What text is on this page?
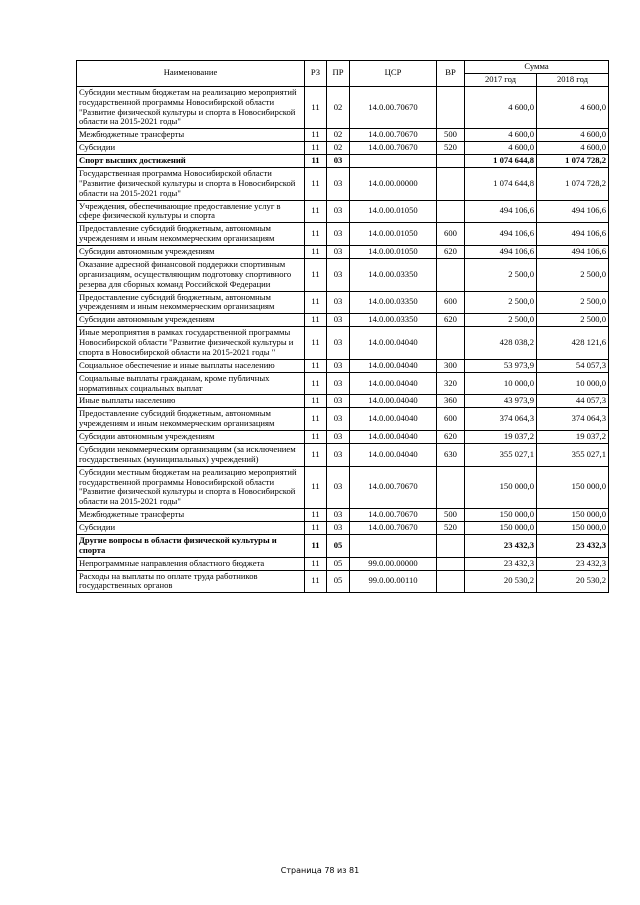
Наименование	РЗ	ПР	ЦСР	ВР	Сумма	
					2017 год	2018 год
Субсидии местным бюджетам на реализацию мероприятий государственной программы Новосибирской области "Развитие физической культуры и спорта в Новосибирской области на 2015-2021 годы"	11	02	14.0.00.70670		4 600,0	4 600,0
Межбюджетные трансферты	11	02	14.0.00.70670	500	4 600,0	4 600,0
Субсидии	11	02	14.0.00.70670	520	4 600,0	4 600,0
Спорт высших достижений	11	03			1 074 644,8	1 074 728,2
Государственная программа Новосибирской области "Развитие физической культуры и спорта в Новосибирской области на 2015-2021 годы"	11	03	14.0.00.00000		1 074 644,8	1 074 728,2
Учреждения, обеспечивающие предоставление услуг в сфере физической культуры и спорта	11	03	14.0.00.01050		494 106,6	494 106,6
Предоставление субсидий бюджетным, автономным учреждениям и иным некоммерческим организациям	11	03	14.0.00.01050	600	494 106,6	494 106,6
Субсидии автономным учреждениям	11	03	14.0.00.01050	620	494 106,6	494 106,6
Оказание адресной финансовой поддержки спортивным организациям, осуществляющим подготовку спортивного резерва для сборных команд Российской Федерации	11	03	14.0.00.03350		2 500,0	2 500,0
Предоставление субсидий бюджетным, автономным учреждениям и иным некоммерческим организациям	11	03	14.0.00.03350	600	2 500,0	2 500,0
Субсидии автономным учреждениям	11	03	14.0.00.03350	620	2 500,0	2 500,0
Иные мероприятия в рамках государственной программы Новосибирской области "Развитие физической культуры и спорта в Новосибирской области на 2015-2021 годы "	11	03	14.0.00.04040		428 038,2	428 121,6
Социальное обеспечение и иные выплаты населению	11	03	14.0.00.04040	300	53 973,9	54 057,3
Социальные выплаты гражданам, кроме публичных нормативных социальных выплат	11	03	14.0.00.04040	320	10 000,0	10 000,0
Иные выплаты населению	11	03	14.0.00.04040	360	43 973,9	44 057,3
Предоставление субсидий бюджетным, автономным учреждениям и иным некоммерческим организациям	11	03	14.0.00.04040	600	374 064,3	374 064,3
Субсидии автономным учреждениям	11	03	14.0.00.04040	620	19 037,2	19 037,2
Субсидии некоммерческим организациям (за исключением государственных (муниципальных) учреждений)	11	03	14.0.00.04040	630	355 027,1	355 027,1
Субсидии местным бюджетам на реализацию мероприятий государственной программы Новосибирской области "Развитие физической культуры и спорта в Новосибирской области на 2015-2021 годы"	11	03	14.0.00.70670		150 000,0	150 000,0
Межбюджетные трансферты	11	03	14.0.00.70670	500	150 000,0	150 000,0
Субсидии	11	03	14.0.00.70670	520	150 000,0	150 000,0
Другие вопросы в области физической культуры и спорта	11	05			23 432,3	23 432,3
Непрограммные направления областного бюджета	11	05	99.0.00.00000		23 432,3	23 432,3
Расходы на выплаты по оплате труда работников государственных органов	11	05	99.0.00.00110		20 530,2	20 530,2
Страница 78 из 81
